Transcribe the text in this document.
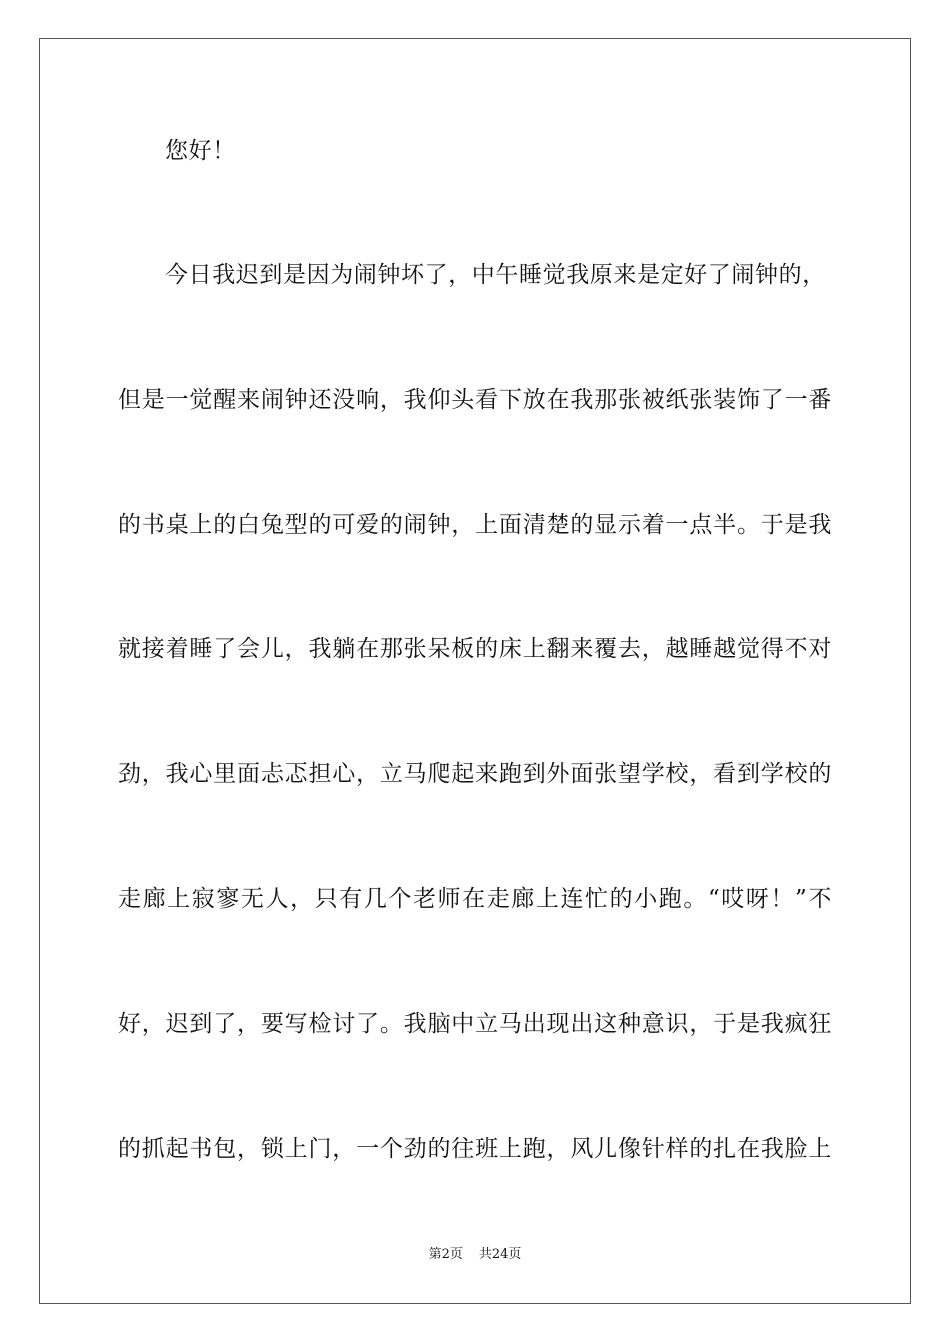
您好！
今日我迟到是因为闹钟坏了，中午睡觉我原来是定好了闹钟的，
但是一觉醒来闹钟还没响，我仰头看下放在我那张被纸张装饰了一番
的书桌上的白兔型的可爱的闹钟，上面清楚的显示着一点半。于是我
就接着睡了会儿，我躺在那张呆板的床上翻来覆去，越睡越觉得不对
劲，我心里面忐忑担心，立马爬起来跑到外面张望学校，看到学校的
走廊上寂寥无人，只有几个老师在走廊上连忙的小跑。“哎呀！”不
好，迟到了，要写检讨了。我脑中立马出现出这种意识，于是我疯狂
的抓起书包，锁上门，一个劲的往班上跑，风儿像针样的扎在我脸上
第2页 共24页
